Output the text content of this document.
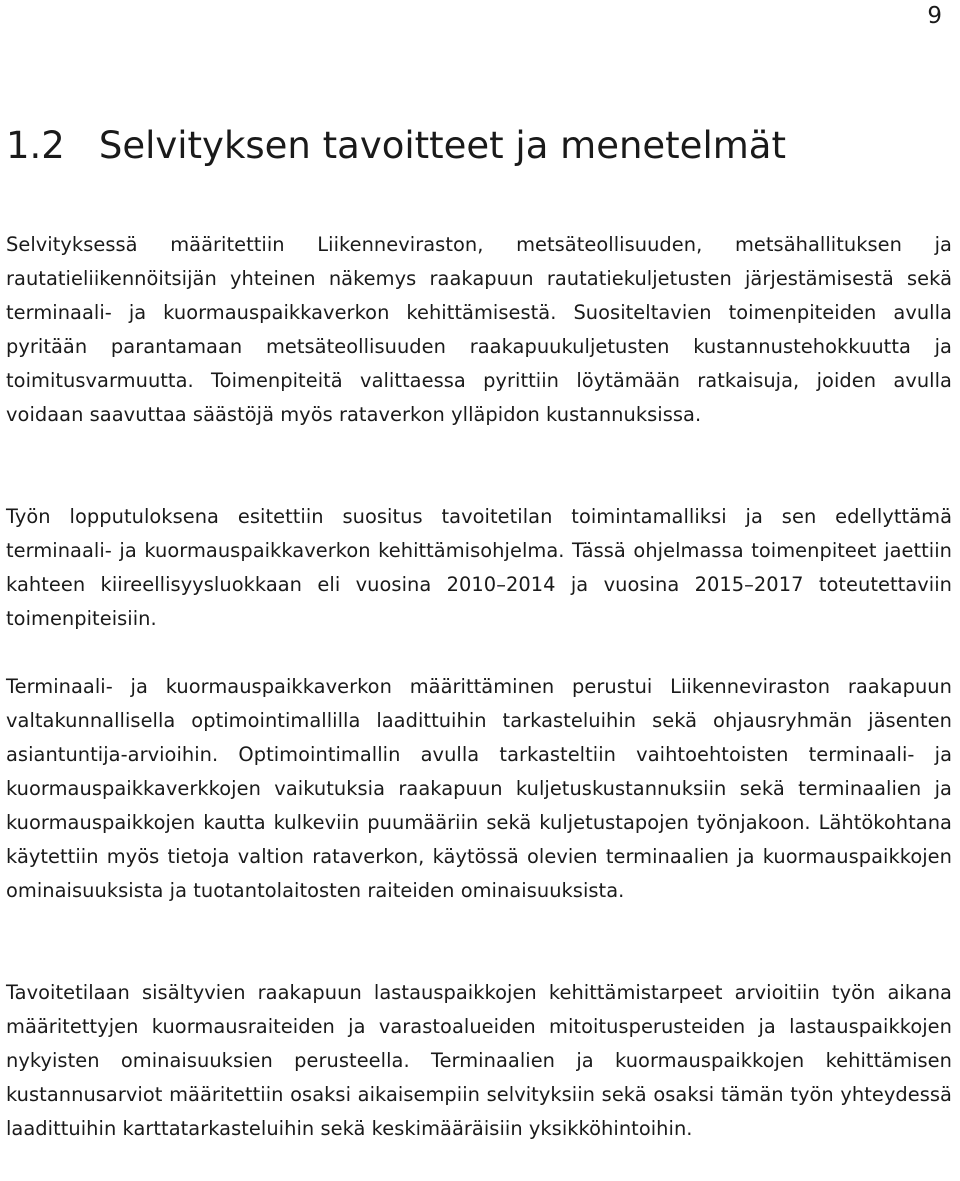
9
1.2 Selvityksen tavoitteet ja menetelmät

Selvityksessä määritettiin Liikenneviraston, metsäteollisuuden, metsähallituksen ja rautatieliikennöitsijän yhteinen näkemys raakapuun rautatiekuljetusten järjestämisestä sekä terminaali- ja kuormauspaikkaverkon kehittämisestä. Suositeltavien toimenpiteiden avulla pyritään parantamaan metsäteollisuuden raakapuukuljetusten kustannustehokkuutta ja toimitusvarmuutta. Toimenpiteitä valittaessa pyrittiin löytämään ratkaisuja, joiden avulla voidaan saavuttaa säästöjä myös rataverkon ylläpidon kustannuksissa.

Työn lopputuloksena esitettiin suositus tavoitetilan toimintamalliksi ja sen edellyttämä terminaali- ja kuormauspaikkaverkon kehittämisohjelma. Tässä ohjelmassa toimenpiteet jaettiin kahteen kiireellisyysluokkaan eli vuosina 2010–2014 ja vuosina 2015–2017 toteutettaviin toimenpiteisiin.

Terminaali- ja kuormauspaikkaverkon määrittäminen perustui Liikenneviraston raakapuun valtakunnallisella optimointimallilla laadittuihin tarkasteluihin sekä ohjausryhmän jäsenten asiantuntija-arvioihin. Optimointimallin avulla tarkasteltiin vaihtoehtoisten terminaali- ja kuormauspaikkaverkkojen vaikutuksia raakapuun kuljetuskustannuksiin sekä terminaalien ja kuormauspaikkojen kautta kulkeviin puumääriin sekä kuljetustapojen työnjakoon. Lähtökohtana käytettiin myös tietoja valtion rataverkon, käytössä olevien terminaalien ja kuormauspaikkojen ominaisuuksista ja tuotantolaitosten raiteiden ominaisuuksista.

Tavoitetilaan sisältyvien raakapuun lastauspaikkojen kehittämistarpeet arvioitiin työn aikana määritettyjen kuormausraiteiden ja varastoalueiden mitoitusperusteiden ja lastauspaikkojen nykyisten ominaisuuksien perusteella. Terminaalien ja kuormauspaikkojen kehittämisen kustannusarviot määritettiin osaksi aikaisempiin selvityksiin sekä osaksi tämän työn yhteydessä laadittuihin karttatarkasteluihin sekä keskimääräisiin yksikköhintoihin.
